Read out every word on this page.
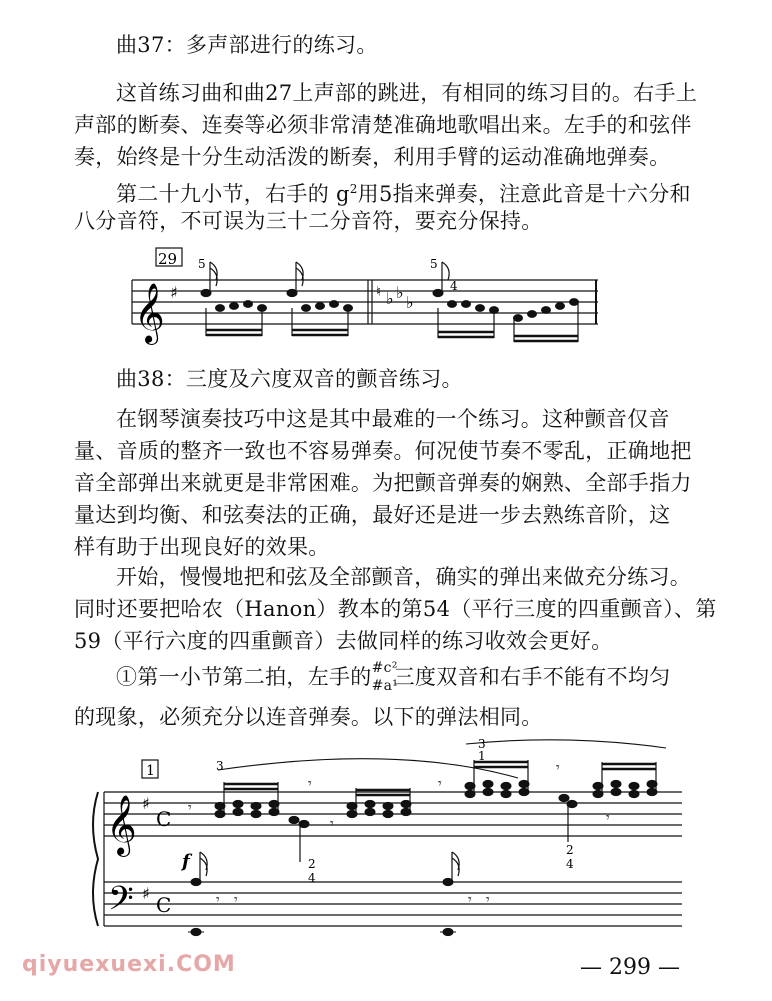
曲37：多声部进行的练习。
这首练习曲和曲27上声部的跳进，有相同的练习目的。右手上
声部的断奏、连奏等必须非常清楚准确地歌唱出来。左手的和弦伴
奏，始终是十分生动活泼的断奏，利用手臂的运动准确地弹奏。
第二十九小节，右手的 $g^2$用5指来弹奏，注意此音是十六分和
八分音符，不可误为三十二分音符，要充分保持。
29
𝄞 ♯
5
♮ ♭ ♭
♭
5
4
曲38：三度及六度双音的颤音练习。
在钢琴演奏技巧中这是其中最难的一个练习。这种颤音仅音
量、音质的整齐一致也不容易弹奏。何况使节奏不零乱，正确地把
音全部弹出来就更是非常困难。为把颤音弹奏的娴熟、全部手指力
量达到均衡、和弦奏法的正确，最好还是进一步去熟练音阶，这
样有助于出现良好的效果。
开始，慢慢地把和弦及全部颤音，确实的弹出来做充分练习。
同时还要把哈农（Hanon）教本的第54（平行三度的四重颤音）、第
59（平行六度的四重颤音）去做同样的练习收效会更好。
①第一小节第二拍，左手的 #c²
#a¹
三度双音和右手不能有不均匀
的现象，必须充分以连音弹奏。以下的弹法相同。
1
𝄞 ♯
C
𝄢 ♯ C
f
𝄾
𝄾
𝄾	𝄾
𝄾
𝄾
3
3
1
2
4
2
4
𝄾 𝄾	𝄾 𝄾
qiyuexuexi.COM	— 299 —
